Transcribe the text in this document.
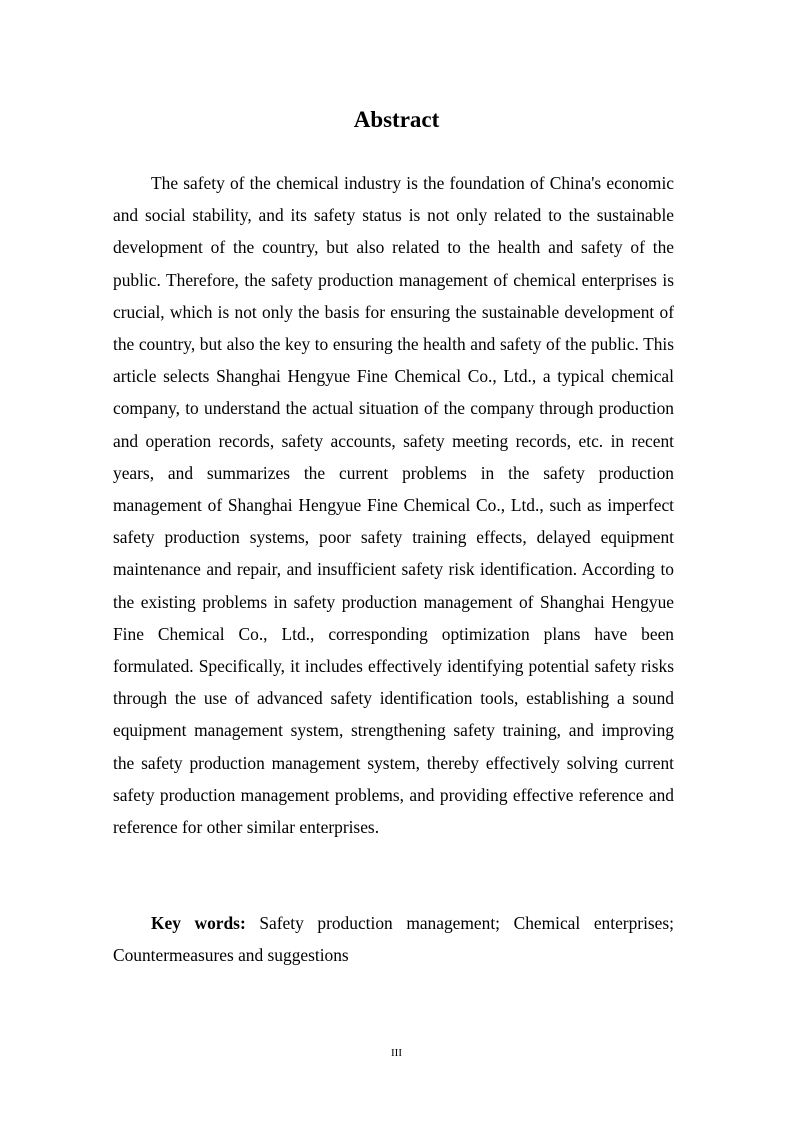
Abstract

The safety of the chemical industry is the foundation of China's economic and social stability, and its safety status is not only related to the sustainable development of the country, but also related to the health and safety of the public. Therefore, the safety production management of chemical enterprises is crucial, which is not only the basis for ensuring the sustainable development of the country, but also the key to ensuring the health and safety of the public. This article selects Shanghai Hengyue Fine Chemical Co., Ltd., a typical chemical company, to understand the actual situation of the company through production and operation records, safety accounts, safety meeting records, etc. in recent years, and summarizes the current problems in the safety production management of Shanghai Hengyue Fine Chemical Co., Ltd., such as imperfect safety production systems, poor safety training effects, delayed equipment maintenance and repair, and insufficient safety risk identification. According to the existing problems in safety production management of Shanghai Hengyue Fine Chemical Co., Ltd., corresponding optimization plans have been formulated. Specifically, it includes effectively identifying potential safety risks through the use of advanced safety identification tools, establishing a sound equipment management system, strengthening safety training, and improving the safety production management system, thereby effectively solving current safety production management problems, and providing effective reference and reference for other similar enterprises.

Key words: Safety production management; Chemical enterprises; Countermeasures and suggestions

III
